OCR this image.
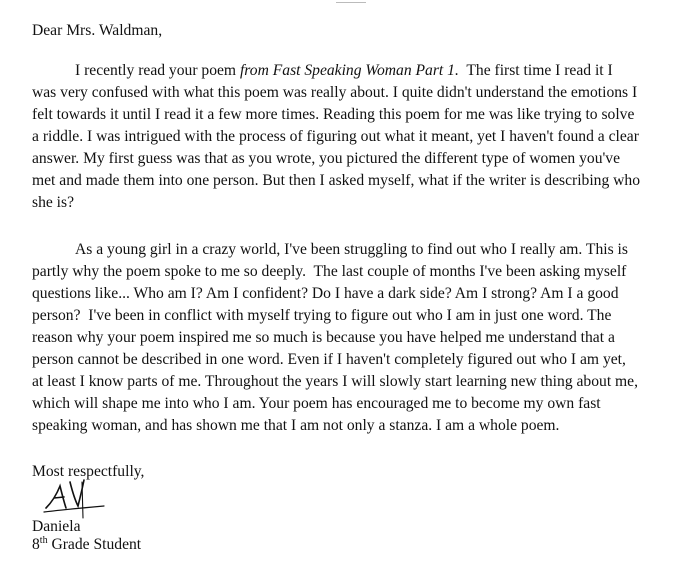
Dear Mrs. Waldman,

I recently read your poem from Fast Speaking Woman Part 1.  The first time I read it I

was very confused with what this poem was really about. I quite didn't understand the emotions I

felt towards it until I read it a few more times. Reading this poem for me was like trying to solve

a riddle. I was intrigued with the process of figuring out what it meant, yet I haven't found a clear

answer. My first guess was that as you wrote, you pictured the different type of women you've

met and made them into one person. But then I asked myself, what if the writer is describing who

she is?

As a young girl in a crazy world, I've been struggling to find out who I really am. This is

partly why the poem spoke to me so deeply.  The last couple of months I've been asking myself

questions like... Who am I? Am I confident? Do I have a dark side? Am I strong? Am I a good

person?  I've been in conflict with myself trying to figure out who I am in just one word. The

reason why your poem inspired me so much is because you have helped me understand that a

person cannot be described in one word. Even if I haven't completely figured out who I am yet,

at least I know parts of me. Throughout the years I will slowly start learning new thing about me,

which will shape me into who I am. Your poem has encouraged me to become my own fast

speaking woman, and has shown me that I am not only a stanza. I am a whole poem.

Most respectfully,

Daniela

8th Grade Student
